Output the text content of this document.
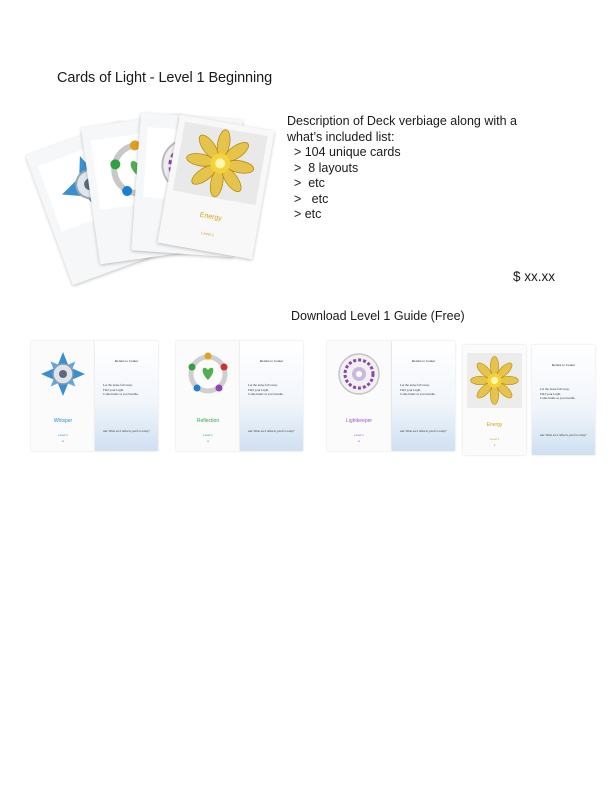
Cards of Light - Level 1 Beginning
Description of Deck verbiage along with a
what’s included list:
> 104 unique cards
>  8 layouts
>  etc
>   etc
> etc
$ xx.xx
Download Level 1 Guide (Free)
Energy
Level 1
Whisper
Level 1
●
Return to Center
Let the noise fall away.
Find your Light.
Come home as you breathe.
ask: What are I reflects, just for today?
Reflection
Level 1
●
Return to Center
Let the noise fall away.
Find your Light.
Come home as you breathe.
ask: What are I reflects, just for today?
Lightkeeper
Level 1
●
Return to Center
Let the noise fall away.
Find your Light.
Come home as you breathe.
ask: What are I reflects, just for today?
Energy
Level 1
●
Return to Center
Let the noise fall away.
Find your Light.
Come home as you breathe.
ask: What are I reflects, just for today?
